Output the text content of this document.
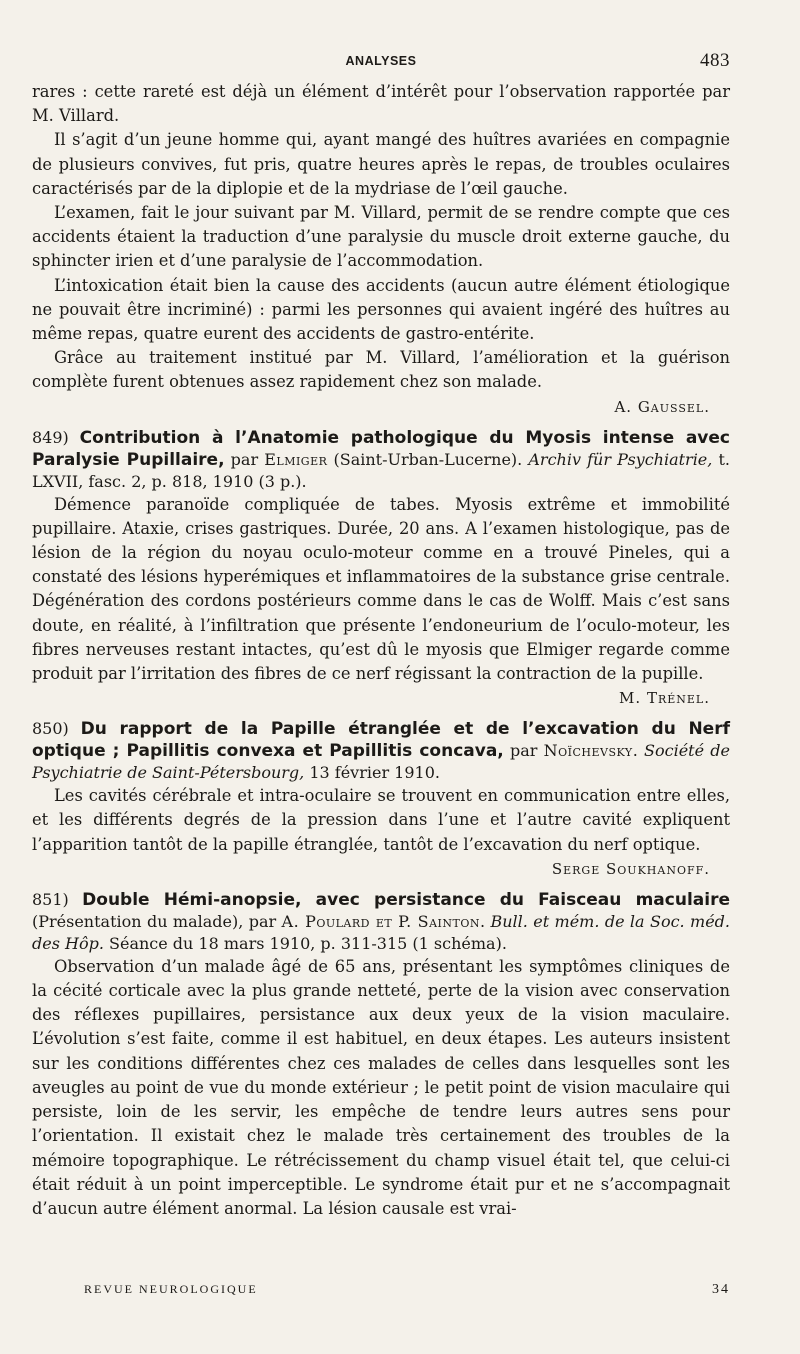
ANALYSES	483

rares : cette rareté est déjà un élément d’intérêt pour l’observation rapportée par M. Villard.

Il s’agit d’un jeune homme qui, ayant mangé des huîtres avariées en compagnie de plusieurs convives, fut pris, quatre heures après le repas, de troubles oculaires caractérisés par de la diplopie et de la mydriase de l’œil gauche.

L’examen, fait le jour suivant par M. Villard, permit de se rendre compte que ces accidents étaient la traduction d’une paralysie du muscle droit externe gauche, du sphincter irien et d’une paralysie de l’accommodation.

L’intoxication était bien la cause des accidents (aucun autre élément étiologique ne pouvait être incriminé) : parmi les personnes qui avaient ingéré des huîtres au même repas, quatre eurent des accidents de gastro-entérite.

Grâce au traitement institué par M. Villard, l’amélioration et la guérison complète furent obtenues assez rapidement chez son malade.

A. Gaussel.
849) Contribution à l’Anatomie pathologique du Myosis intense avec Paralysie Pupillaire, par Elmiger (Saint-Urban-Lucerne). Archiv für Psychiatrie, t. LXVII, fasc. 2, p. 818, 1910 (3 p.).

Démence paranoïde compliquée de tabes. Myosis extrême et immobilité pupillaire. Ataxie, crises gastriques. Durée, 20 ans. A l’examen histologique, pas de lésion de la région du noyau oculo-moteur comme en a trouvé Pineles, qui a constaté des lésions hyperémiques et inflammatoires de la substance grise centrale. Dégénération des cordons postérieurs comme dans le cas de Wolff. Mais c’est sans doute, en réalité, à l’infiltration que présente l’endoneurium de l’oculo-moteur, les fibres nerveuses restant intactes, qu’est dû le myosis que Elmiger regarde comme produit par l’irritation des fibres de ce nerf régissant la contraction de la pupille.

M. Trénel.
850) Du rapport de la Papille étranglée et de l’excavation du Nerf optique ; Papillitis convexa et Papillitis concava, par Noïchevsky. Société de Psychiatrie de Saint-Pétersbourg, 13 février 1910.

Les cavités cérébrale et intra-oculaire se trouvent en communication entre elles, et les différents degrés de la pression dans l’une et l’autre cavité expliquent l’apparition tantôt de la papille étranglée, tantôt de l’excavation du nerf optique.

Serge Soukhanoff.
851) Double Hémi-anopsie, avec persistance du Faisceau maculaire (Présentation du malade), par A. Poulard et P. Sainton. Bull. et mém. de la Soc. méd. des Hôp. Séance du 18 mars 1910, p. 311-315 (1 schéma).

Observation d’un malade âgé de 65 ans, présentant les symptômes cliniques de la cécité corticale avec la plus grande netteté, perte de la vision avec conservation des réflexes pupillaires, persistance aux deux yeux de la vision maculaire. L’évolution s’est faite, comme il est habituel, en deux étapes. Les auteurs insistent sur les conditions différentes chez ces malades de celles dans lesquelles sont les aveugles au point de vue du monde extérieur ; le petit point de vision maculaire qui persiste, loin de les servir, les empêche de tendre leurs autres sens pour l’orientation. Il existait chez le malade très certainement des troubles de la mémoire topographique. Le rétrécissement du champ visuel était tel, que celui-ci était réduit à un point imperceptible. Le syndrome était pur et ne s’accompagnait d’aucun autre élément anormal. La lésion causale est vrai-

REVUE NEUROLOGIQUE	34
